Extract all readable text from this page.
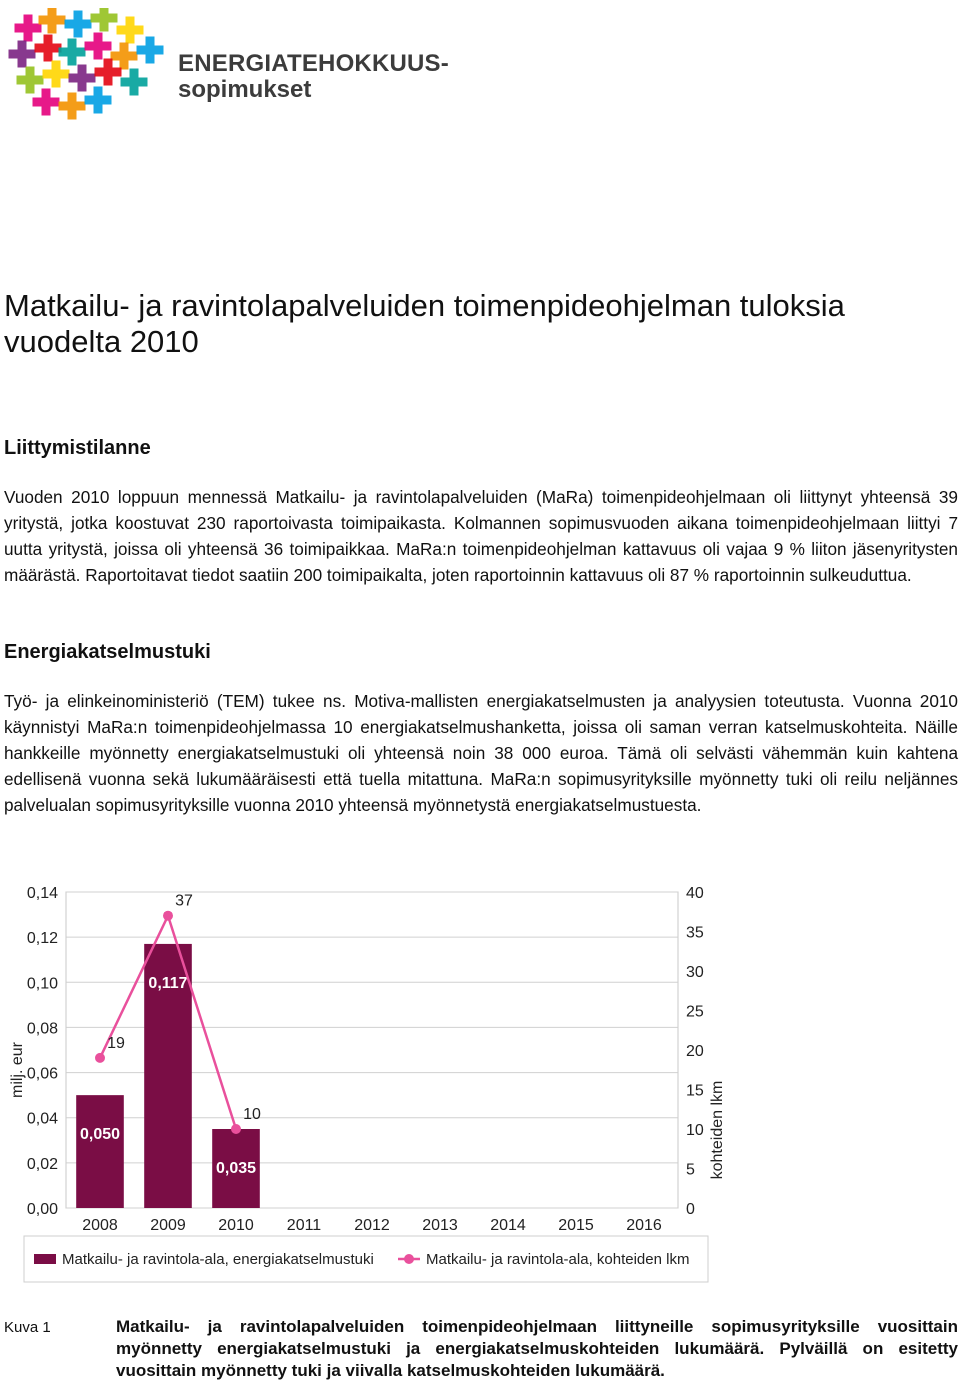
ENERGIATEHOKKUUS-
sopimukset
Matkailu- ja ravintolapalveluiden toimenpideohjelman tuloksia vuodelta 2010
Liittymistilanne

Vuoden 2010 loppuun mennessä Matkailu- ja ravintolapalveluiden (MaRa) toimenpideohjelmaan oli liittynyt yhteensä 39 yritystä, jotka koostuvat 230 raportoivasta toimipaikasta. Kolmannen sopimusvuoden aikana toimenpideohjelmaan liittyi 7 uutta yritystä, joissa oli yhteensä 36 toimipaikkaa. MaRa:n toimenpideohjelman kattavuus oli vajaa 9 % liiton jäsenyritysten määrästä. Raportoitavat tiedot saatiin 200 toimipaikalta, joten raportoinnin kattavuus oli 87 % raportoinnin sulkeuduttua.

Energiakatselmustuki

Työ- ja elinkeinoministeriö (TEM) tukee ns. Motiva-mallisten energiakatselmusten ja analyysien toteutusta. Vuonna 2010 käynnistyi MaRa:n toimenpideohjelmassa 10 energiakatselmushanketta, joissa oli saman verran katselmuskohteita. Näille hankkeille myönnetty energiakatselmustuki oli yhteensä noin 38 000 euroa. Tämä oli selvästi vähemmän kuin kahtena edellisenä vuonna sekä lukumääräisesti että tuella mitattuna. MaRa:n sopimusyrityksille myönnetty tuki oli reilu neljännes palvelualan sopimusyrityksille vuonna 2010 yhteensä myönnetystä energiakatselmustuesta.

0,00
0,02
0,04
0,06
0,08
0,10
0,12
0,14
0
5
10
15
20
25
30
35
40
2008 2009 2010 2011 2012 2013 2014 2015 2016
milj. eur
kohteiden lkm
0,050
0,117
0,035
19
37
10
Matkailu- ja ravintola-ala, energiakatselmustuki	Matkailu- ja ravintola-ala, kohteiden lkm
Kuva 1	Matkailu- ja ravintolapalveluiden toimenpideohjelmaan liittyneille sopimusyrityksille vuosittain myönnetty energiakatselmustuki ja energiakatselmuskohteiden lukumäärä. Pylväillä on esitetty vuosittain myönnetty tuki ja viivalla katselmuskohteiden lukumäärä.
